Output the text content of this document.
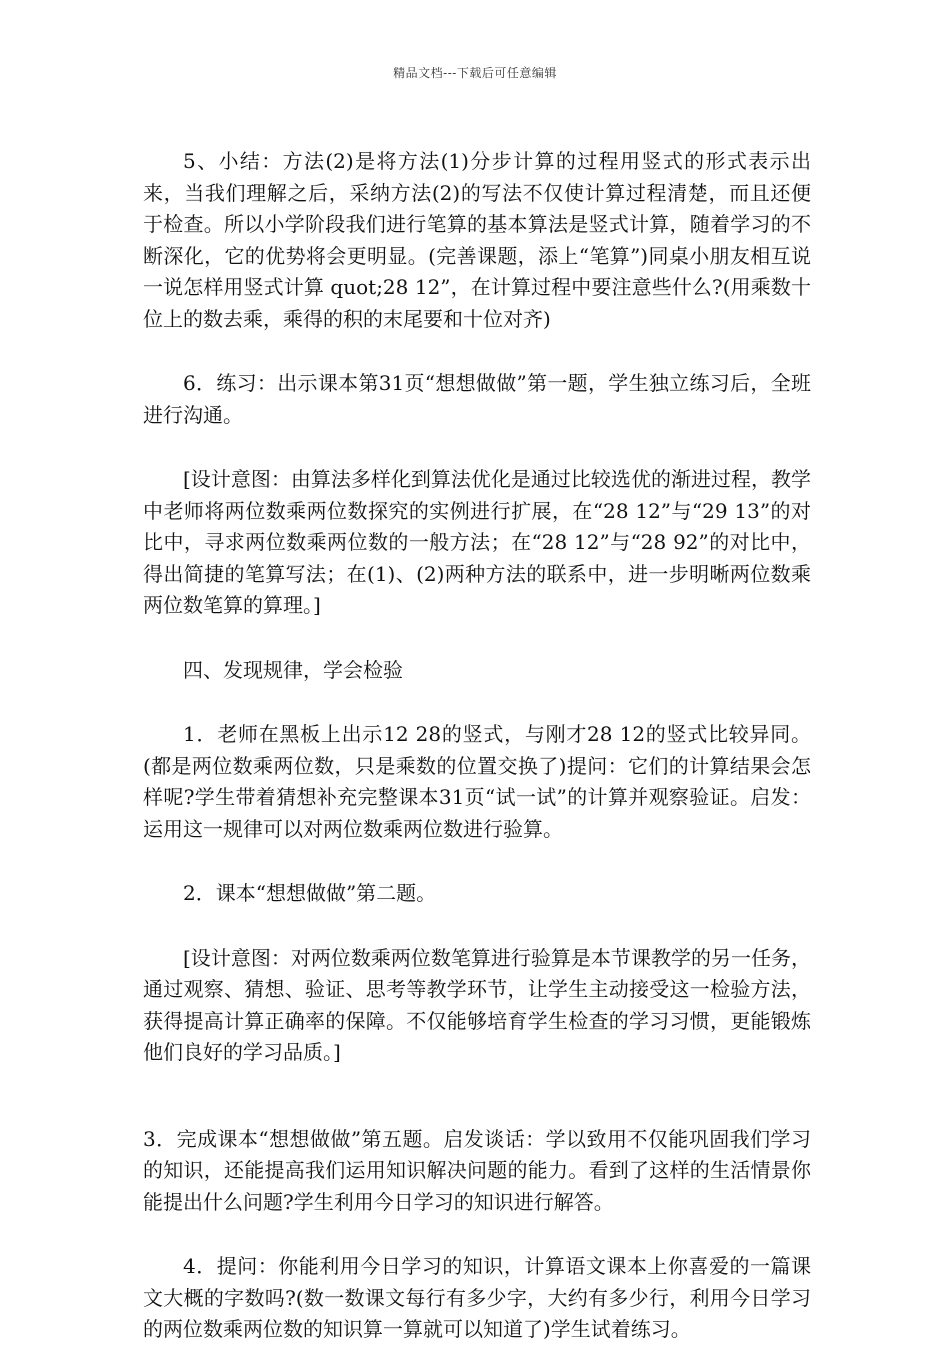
精品文档---下载后可任意编辑

5、小结：方法(2)是将方法(1)分步计算的过程用竖式的形式表示出来，当我们理解之后，采纳方法(2)的写法不仅使计算过程清楚，而且还便于检查。所以小学阶段我们进行笔算的基本算法是竖式计算，随着学习的不断深化，它的优势将会更明显。(完善课题，添上“笔算”)同桌小朋友相互说一说怎样用竖式计算 quot;28 12”，在计算过程中要注意些什么?(用乘数十位上的数去乘，乘得的积的末尾要和十位对齐)

6．练习：出示课本第31页“想想做做”第一题，学生独立练习后，全班进行沟通。

[设计意图：由算法多样化到算法优化是通过比较选优的渐进过程，教学中老师将两位数乘两位数探究的实例进行扩展，在“28 12”与“29 13”的对比中，寻求两位数乘两位数的一般方法；在“28 12”与“28 92”的对比中，得出简捷的笔算写法；在(1)、(2)两种方法的联系中，进一步明晰两位数乘两位数笔算的算理。]

四、发现规律，学会检验

1．老师在黑板上出示12 28的竖式，与刚才28 12的竖式比较异同。(都是两位数乘两位数，只是乘数的位置交换了)提问：它们的计算结果会怎样呢?学生带着猜想补充完整课本31页“试一试”的计算并观察验证。启发：运用这一规律可以对两位数乘两位数进行验算。

2．课本“想想做做”第二题。

[设计意图：对两位数乘两位数笔算进行验算是本节课教学的另一任务，通过观察、猜想、验证、思考等教学环节，让学生主动接受这一检验方法，获得提高计算正确率的保障。不仅能够培育学生检查的学习习惯，更能锻炼他们良好的学习品质。]

3．完成课本“想想做做”第五题。启发谈话：学以致用不仅能巩固我们学习的知识，还能提高我们运用知识解决问题的能力。看到了这样的生活情景你能提出什么问题?学生利用今日学习的知识进行解答。

4．提问：你能利用今日学习的知识，计算语文课本上你喜爱的一篇课文大概的字数吗?(数一数课文每行有多少字，大约有多少行，利用今日学习的两位数乘两位数的知识算一算就可以知道了)学生试着练习。
